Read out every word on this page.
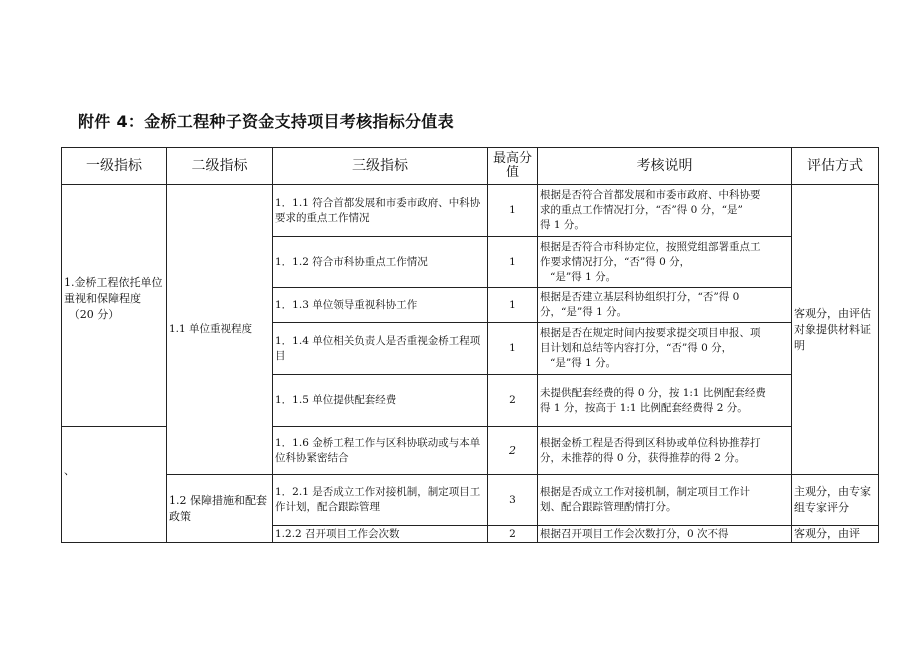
附件 4：金桥工程种子资金支持项目考核指标分值表
一级指标	二级指标	三级指标	最高分值	考核说明	评估方式

1.金桥工程依托单位重视和保障程度
（20 分）	1.1 单位重视程度	1．1.1 符合首都发展和市委市政府、中科协要求的重点工作情况	1	根据是否符合首都发展和市委市政府、中科协要
求的重点工作情况打分，“否”得 0 分，“是”
得 1 分。	客观分，由评估对象提供材料证明
		1．1.2 符合市科协重点工作情况	1	根据是否符合市科协定位，按照党组部署重点工
作要求情况打分，“否”得 0 分，
“是”得 1 分。	
		1．1.3 单位领导重视科协工作	1	根据是否建立基层科协组织打分，“否”得 0
分，“是”得 1 分。	
		1．1.4 单位相关负责人是否重视金桥工程项目	1	根据是否在规定时间内按要求提交项目申报、项
目计划和总结等内容打分，“否”得 0 分，
“是”得 1 分。	
		1．1.5 单位提供配套经费	2	未提供配套经费的得 0 分，按 1:1 比例配套经费
得 1 分，按高于 1:1 比例配套经费得 2 分。	

、		1．1.6 金桥工程工作与区科协联动或与本单位科协紧密结合	2	根据金桥工程是否得到区科协或单位科协推荐打
分，未推荐的得 0 分，获得推荐的得 2 分。	
	1.2 保障措施和配套政策	1．2.1 是否成立工作对接机制，制定项目工作计划，配合跟踪管理	3	根据是否成立工作对接机制，制定项目工作计
划、配合跟踪管理酌情打分。	主观分，由专家组专家评分
		1.2.2 召开项目工作会次数	2	根据召开项目工作会次数打分，0 次不得	客观分，由评
